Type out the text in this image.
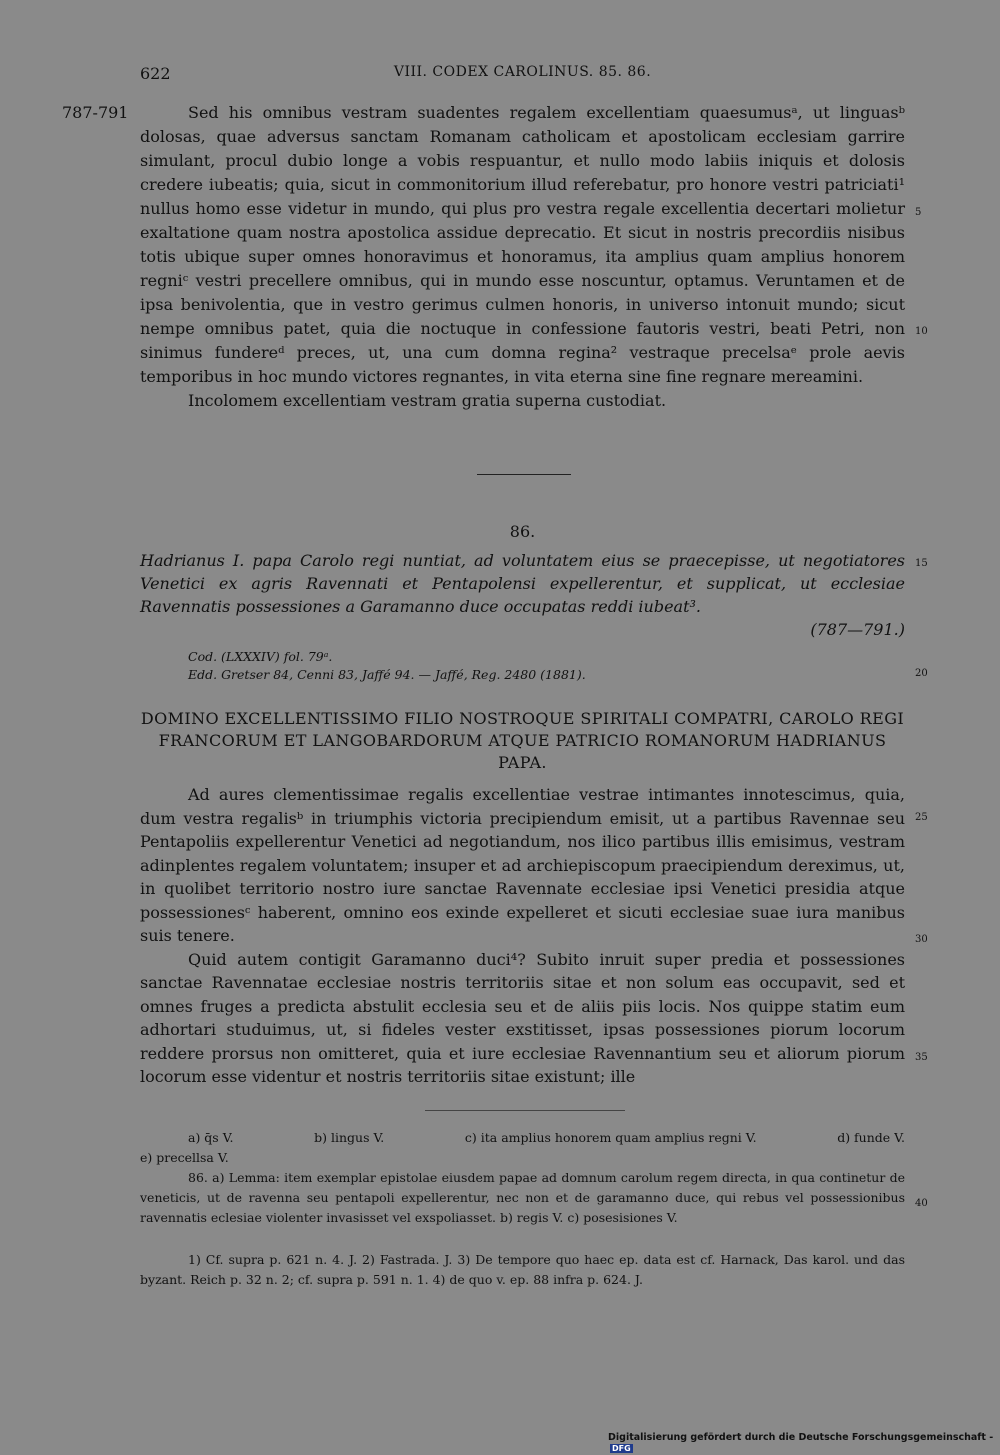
622	VIII. CODEX CAROLINUS. 85. 86.
787-791	Sed his omnibus vestram suadentes regalem excellentiam quaesumusᵃ, ut linguasᵇ dolosas, quae adversus sanctam Romanam catholicam et apostolicam ecclesiam garrire simulant, procul dubio longe a vobis respuantur, et nullo modo labiis iniquis et dolosis credere iubeatis; quia, sicut in commonitorium illud referebatur, pro honore vestri patriciati¹ nullus homo esse videtur in mundo, qui plus pro vestra regale excellentia decertari molietur exaltatione quam nostra apostolica assidue deprecatio. Et sicut in nostris precordiis nisibus totis ubique super omnes honoravimus et honoramus, ita amplius quam amplius honorem regniᶜ vestri precellere omnibus, qui in mundo esse noscuntur, optamus. Veruntamen et de ipsa benivolentia, que in vestro gerimus culmen honoris, in universo intonuit mundo; sicut nempe omnibus patet, quia die noctuque in confessione fautoris vestri, beati Petri, non sinimus fundereᵈ preces, ut, una cum domna regina² vestraque precelsaᵉ prole aevis temporibus in hoc mundo victores regnantes, in vita eterna sine fine regnare mereamini.

Incolomem excellentiam vestram gratia superna custodiat.

86.

Hadrianus I. papa Carolo regi nuntiat, ad voluntatem eius se praecepisse, ut negotiatores Venetici ex agris Ravennati et Pentapolensi expellerentur, et supplicat, ut ecclesiae Ravennatis possessiones a Garamanno duce occupatas reddi iubeat³.

(787—791.)
Cod. (LXXXIV) fol. 79ᵃ.
Edd. Gretser 84, Cenni 83, Jaffé 94. — Jaffé, Reg. 2480 (1881).
DOMINO EXCELLENTISSIMO FILIO NOSTROQUE SPIRITALI COMPATRI, CAROLO REGI FRANCORUM ET LANGOBARDORUM ATQUE PATRICIO ROMANORUM HADRIANUS PAPA.

Ad aures clementissimae regalis excellentiae vestrae intimantes innotescimus, quia, dum vestra regalisᵇ in triumphis victoria precipiendum emisit, ut a partibus Ravennae seu Pentapoliis expellerentur Venetici ad negotiandum, nos ilico partibus illis emisimus, vestram adinplentes regalem voluntatem; insuper et ad archiepiscopum praecipiendum dereximus, ut, in quolibet territorio nostro iure sanctae Ravennate ecclesiae ipsi Venetici presidia atque possessionesᶜ haberent, omnino eos exinde expelleret et sicuti ecclesiae suae iura manibus suis tenere.

Quid autem contigit Garamanno duci⁴? Subito inruit super predia et possessiones sanctae Ravennatae ecclesiae nostris territoriis sitae et non solum eas occupavit, sed et omnes fruges a predicta abstulit ecclesia seu et de aliis piis locis. Nos quippe statim eum adhortari studuimus, ut, si fideles vester exstitisset, ipsas possessiones piorum locorum reddere prorsus non omitteret, quia et iure ecclesiae Ravennantium seu et aliorum piorum locorum esse videntur et nostris territoriis sitae existunt; ille

5
10
15
20
25
30
35
40
a) q̄s V.	b) lingus V.	c) ita amplius honorem quam amplius regni V.	d) funde V.
e) precellsa V.
86. a) Lemma: item exemplar epistolae eiusdem papae ad domnum carolum regem directa, in qua continetur de veneticis, ut de ravenna seu pentapoli expellerentur, nec non et de garamanno duce, qui rebus vel possessionibus ravennatis eclesiae violenter invasisset vel exspoliasset. b) regis V. c) posesisiones V.
1) Cf. supra p. 621 n. 4. J. 2) Fastrada. J. 3) De tempore quo haec ep. data est cf. Harnack, Das karol. und das byzant. Reich p. 32 n. 2; cf. supra p. 591 n. 1. 4) de quo v. ep. 88 infra p. 624. J.
Digitalisierung gefördert durch die Deutsche Forschungsgemeinschaft -DFG
